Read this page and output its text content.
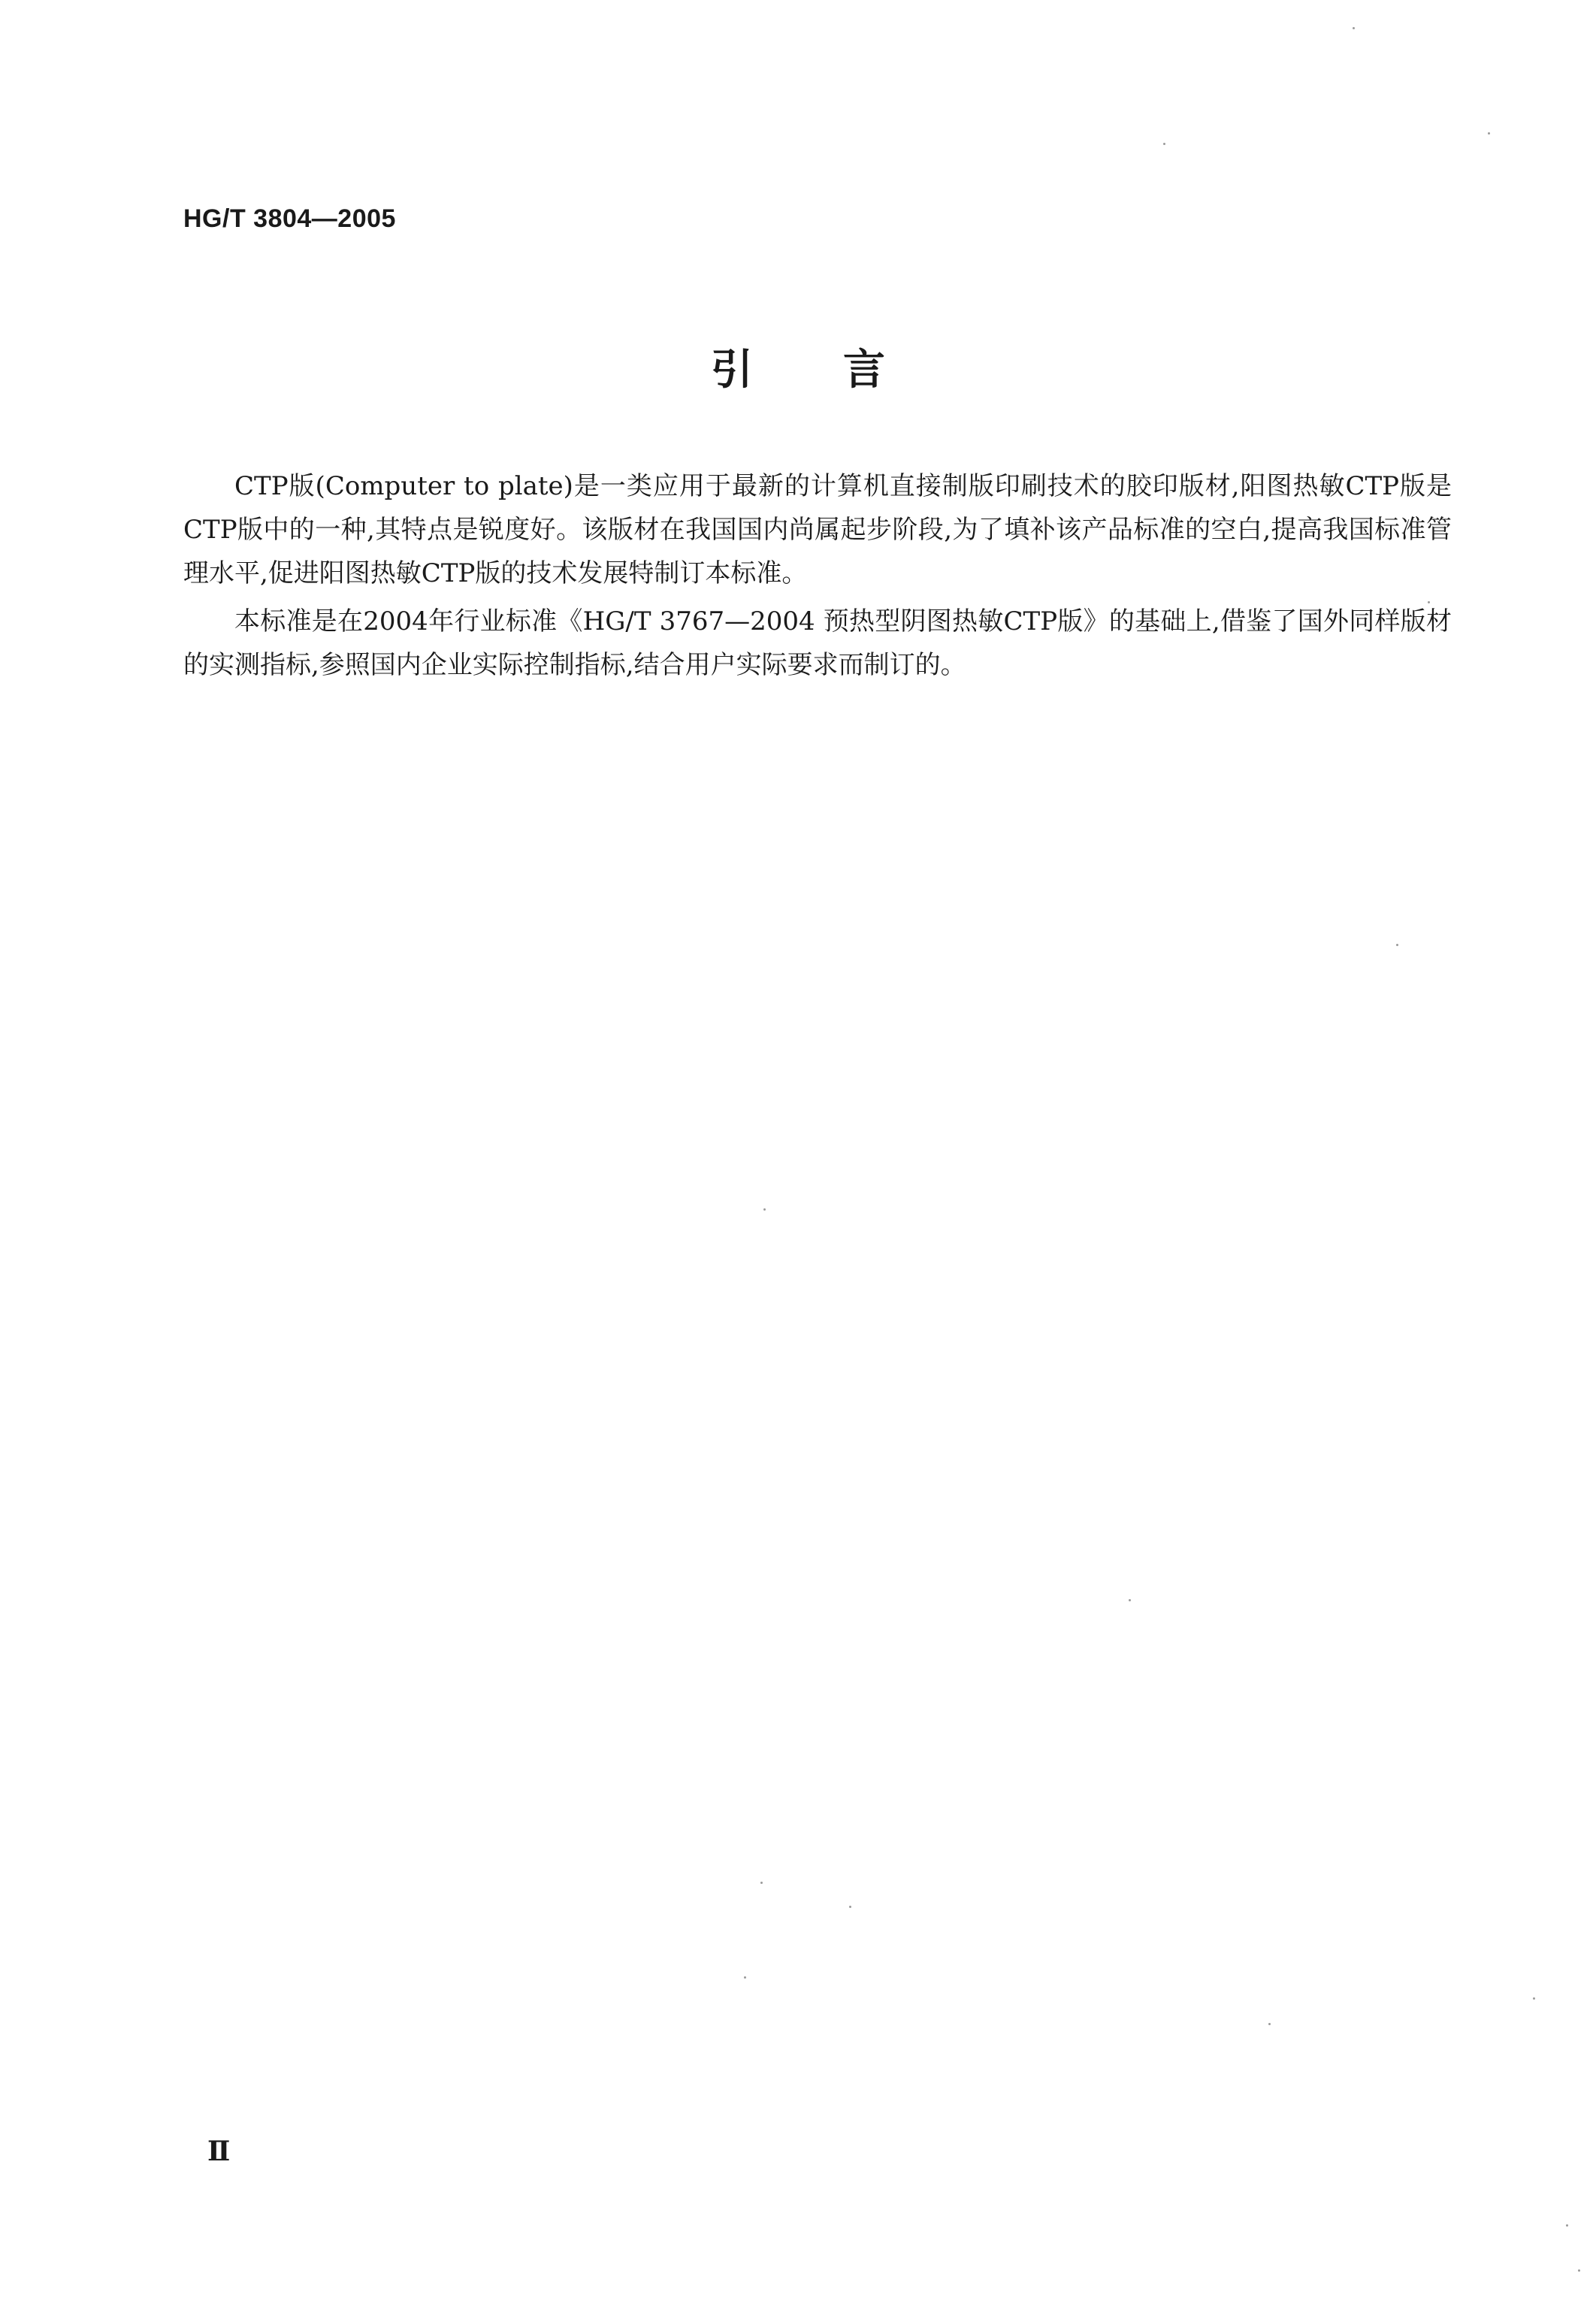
HG/T 3804—2005
引言

CTP版(Computer to plate)是一类应用于最新的计算机直接制版印刷技术的胶印版材,阳图热敏CTP版是CTP版中的一种,其特点是锐度好。该版材在我国国内尚属起步阶段,为了填补该产品标准的空白,提高我国标准管理水平,促进阳图热敏CTP版的技术发展特制订本标准。

本标准是在2004年行业标准《HG/T 3767—2004 预热型阴图热敏CTP版》的基础上,借鉴了国外同样版材的实测指标,参照国内企业实际控制指标,结合用户实际要求而制订的。

Ⅱ
